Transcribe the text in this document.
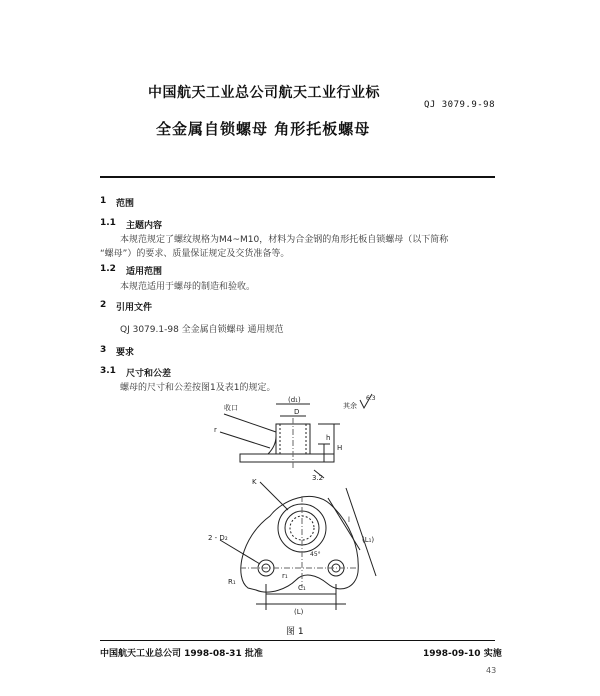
中国航天工业总公司航天工业行业标
QJ 3079.9-98
全金属自锁螺母 角形托板螺母
1 范围
1.1 主题内容
本规范规定了螺纹规格为M4~M10，材料为合金钢的角形托板自锁螺母（以下简称
“螺母”）的要求、质量保证规定及交货准备等。
1.2 适用范围
本规范适用于螺母的制造和验收。
2 引用文件
QJ 3079.1-98 全金属自锁螺母 通用规范
3 要求
3.1 尺寸和公差
螺母的尺寸和公差按图1及表1的规定。
(d₁)
D
收口
r
h
H
3.2
其余
6.3
K
2 - D₂
R₁
r₁
l
(L₁)
C₁
(L)
45°
图 1
中国航天工业总公司 1998-08-31 批准	1998-09-10 实施
43
